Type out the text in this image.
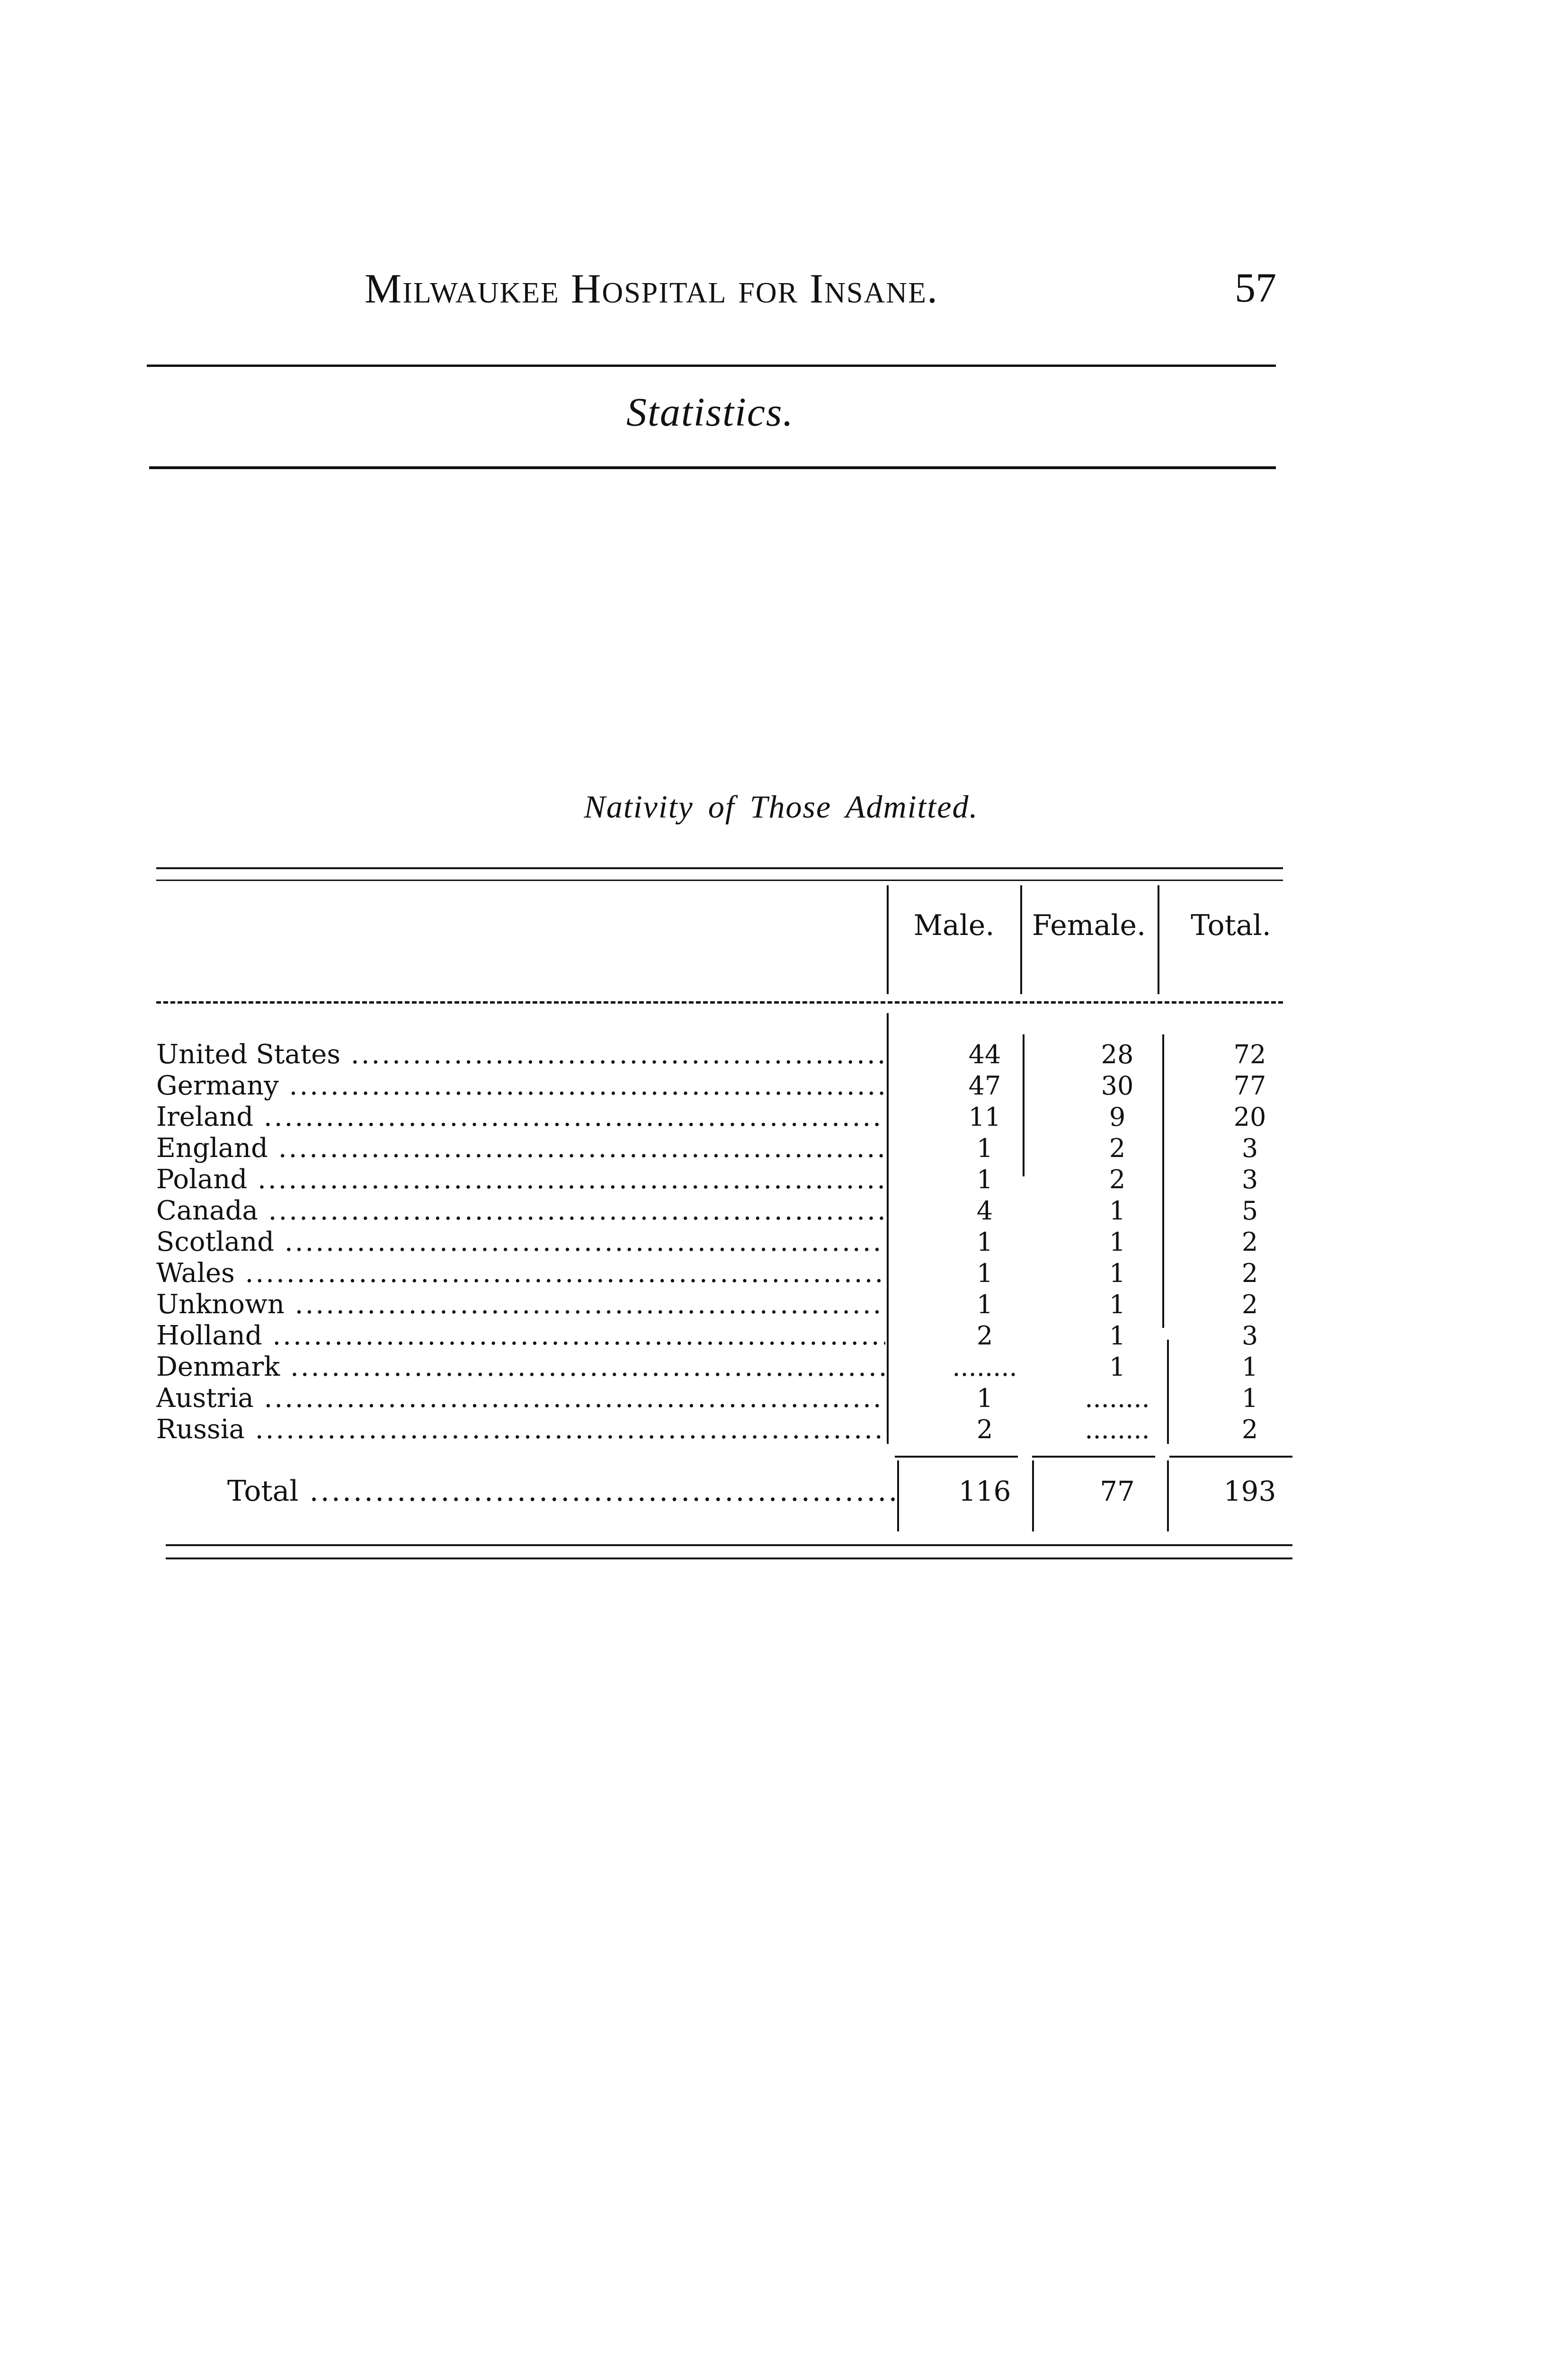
Milwaukee Hospital for Insane.	57
Statistics.
Nativity of Those Admitted.
Male.	Female.	Total.
United States .....	44	28	72
Germany .....	47	30	77
Ireland .....	11	9	20
England .....	1	2	3
Poland .....	1	2	3
Canada .....	4	1	5
Scotland .....	1	1	2
Wales .....	1	1	2
Unknown .....	1	1	2
Holland .....	2	1	3
Denmark .....	........	1	1
Austria .....	1	........	1
Russia .....	2	........	2
Total .....	116	77	193
